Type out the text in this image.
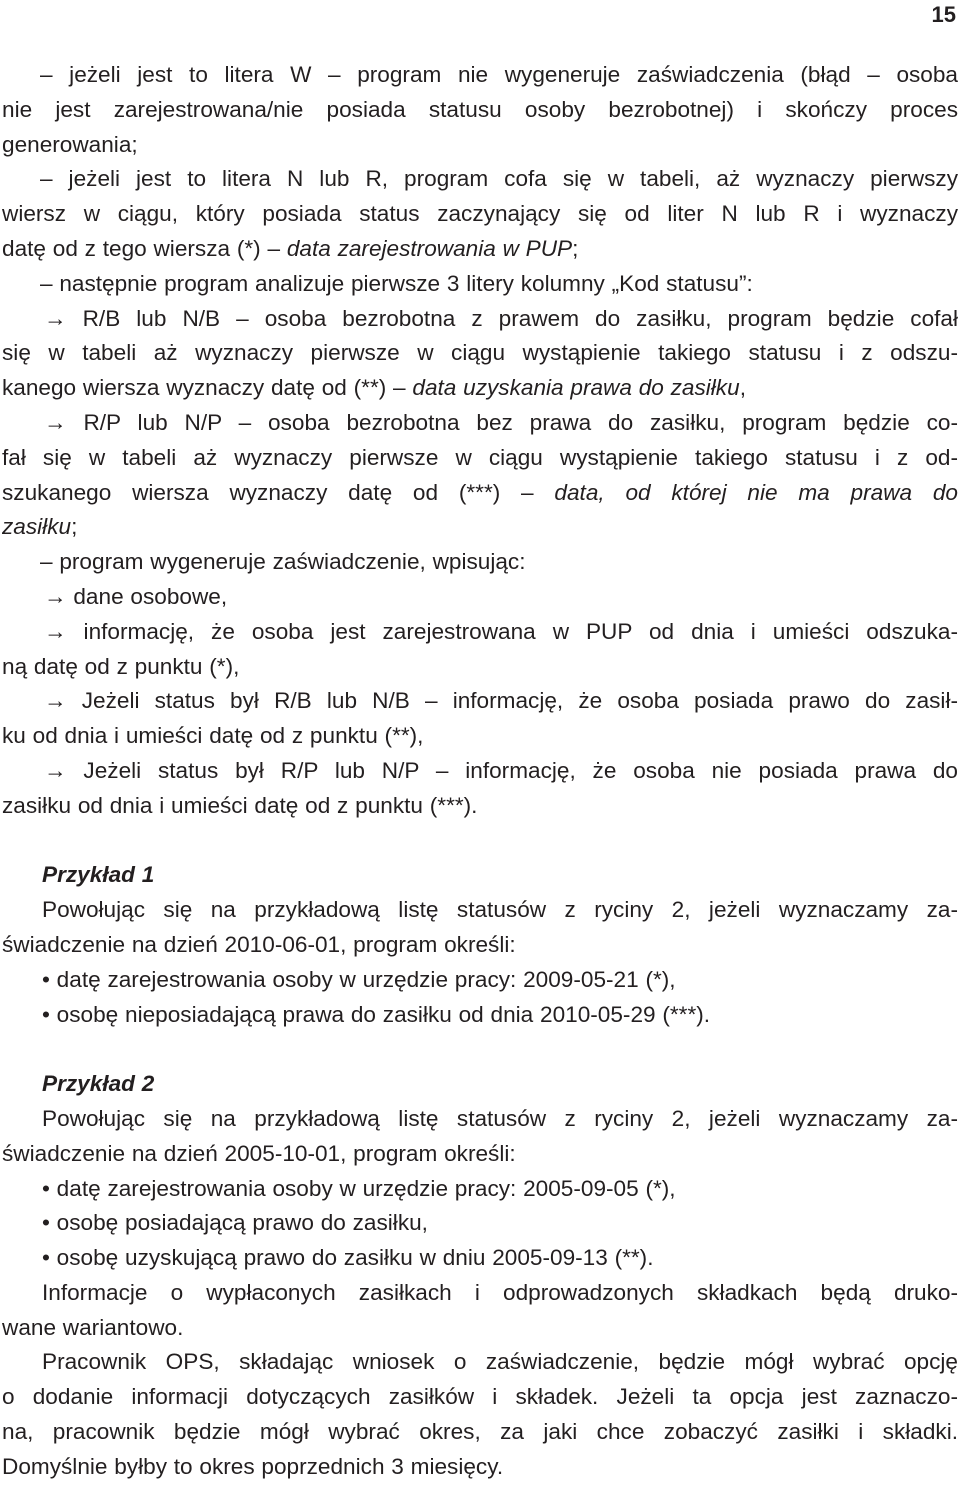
15
– jeżeli jest to litera W – program nie wygeneruje zaświadczenia (błąd – osoba
nie jest zarejestrowana/nie posiada statusu osoby bezrobotnej) i skończy proces
generowania;
– jeżeli jest to litera N lub R, program cofa się w tabeli, aż wyznaczy pierwszy
wiersz w ciągu, który posiada status zaczynający się od liter N lub R i wyznaczy
datę od z tego wiersza (*) – data zarejestrowania w PUP;
– następnie program analizuje pierwsze 3 litery kolumny „Kod statusu”:
→ R/B lub N/B – osoba bezrobotna z prawem do zasiłku, program będzie cofał
się w tabeli aż wyznaczy pierwsze w ciągu wystąpienie takiego statusu i z odszu-
kanego wiersza wyznaczy datę od (**) – data uzyskania prawa do zasiłku,
→ R/P lub N/P – osoba bezrobotna bez prawa do zasiłku, program będzie co-
fał się w tabeli aż wyznaczy pierwsze w ciągu wystąpienie takiego statusu i z od-
szukanego wiersza wyznaczy datę od (***) – data, od której nie ma prawa do
zasiłku;
– program wygeneruje zaświadczenie, wpisując:
→ dane osobowe,
→ informację, że osoba jest zarejestrowana w PUP od dnia i umieści odszuka-
ną datę od z punktu (*),
→ Jeżeli status był R/B lub N/B – informację, że osoba posiada prawo do zasił-
ku od dnia i umieści datę od z punktu (**),
→ Jeżeli status był R/P lub N/P – informację, że osoba nie posiada prawa do
zasiłku od dnia i umieści datę od z punktu (***).
Przykład 1
Powołując się na przykładową listę statusów z ryciny 2, jeżeli wyznaczamy za-
świadczenie na dzień 2010-06-01, program określi:
• datę zarejestrowania osoby w urzędzie pracy: 2009-05-21 (*),
• osobę nieposiadającą prawa do zasiłku od dnia 2010-05-29 (***).
Przykład 2
Powołując się na przykładową listę statusów z ryciny 2, jeżeli wyznaczamy za-
świadczenie na dzień 2005-10-01, program określi:
• datę zarejestrowania osoby w urzędzie pracy: 2005-09-05 (*),
• osobę posiadającą prawo do zasiłku,
• osobę uzyskującą prawo do zasiłku w dniu 2005-09-13 (**).
Informacje o wypłaconych zasiłkach i odprowadzonych składkach będą druko-
wane wariantowo.
Pracownik OPS, składając wniosek o zaświadczenie, będzie mógł wybrać opcję
o dodanie informacji dotyczących zasiłków i składek. Jeżeli ta opcja jest zaznaczo-
na, pracownik będzie mógł wybrać okres, za jaki chce zobaczyć zasiłki i składki.
Domyślnie byłby to okres poprzednich 3 miesięcy.
